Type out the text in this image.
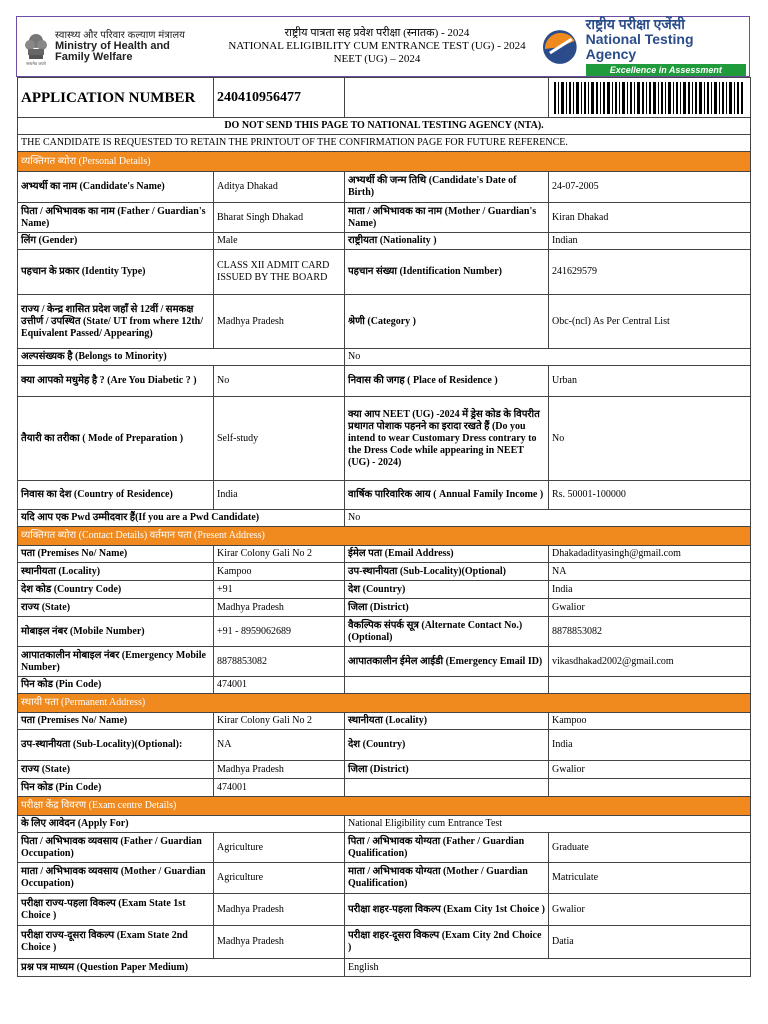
सत्यमेव जयते
स्वास्थ्य और परिवार कल्याण मंत्रालय
Ministry of Health and
Family Welfare
राष्ट्रीय पात्रता सह प्रवेश परीक्षा (स्नातक) - 2024
NATIONAL ELIGIBILITY CUM ENTRANCE TEST (UG) - 2024
NEET (UG) – 2024
राष्ट्रीय परीक्षा एजेंसी
National Testing Agency
Excellence in Assessment
APPLICATION NUMBER	240410956477		

DO NOT SEND THIS PAGE TO NATIONAL TESTING AGENCY (NTA).			
THE CANDIDATE IS REQUESTED TO RETAIN THE PRINTOUT OF THE CONFIRMATION PAGE FOR FUTURE REFERENCE.			
व्यक्तिगत ब्योरा (Personal Details)			
अभ्यर्थी का नाम (Candidate's Name)	Aditya Dhakad	अभ्यर्थी की जन्म तिथि (Candidate's Date of Birth)	24-07-2005
पिता / अभिभावक का नाम (Father / Guardian's Name)	Bharat Singh Dhakad	माता / अभिभावक का नाम (Mother / Guardian's Name)	Kiran Dhakad
लिंग (Gender)	Male	राष्ट्रीयता (Nationality )	Indian
पहचान के प्रकार (Identity Type)	CLASS XII ADMIT CARD ISSUED BY THE BOARD	पहचान संख्या (Identification Number)	241629579
राज्य / केन्द्र शासित प्रदेश जहाँ से 12वीं / समकक्ष उत्तीर्ण / उपस्थित (State/ UT from where 12th/ Equivalent Passed/ Appearing)	Madhya Pradesh	श्रेणी (Category )	Obc-(ncl) As Per Central List
अल्पसंख्यक है (Belongs to Minority)		No	
क्या आपको मधुमेह है ? (Are You Diabetic ? )	No	निवास की जगह ( Place of Residence )	Urban
तैयारी का तरीका ( Mode of Preparation )	Self-study	क्या आप NEET (UG) -2024 में ड्रेस कोड के विपरीत प्रथागत पोशाक पहनने का इरादा रखते हैं (Do you intend to wear Customary Dress contrary to the Dress Code while appearing in NEET (UG) - 2024)	No
निवास का देश (Country of Residence)	India	वार्षिक पारिवारिक आय ( Annual Family Income )	Rs. 50001-100000
यदि आप एक Pwd उम्मीदवार हैं(If you are a Pwd Candidate)		No	
व्यक्तिगत ब्योरा (Contact Details) वर्तमान पता (Present Address)			
पता (Premises No/ Name)	Kirar Colony Gali No 2	ईमेल पता (Email Address)	Dhakadadityasingh@gmail.com
स्थानीयता (Locality)	Kampoo	उप-स्थानीयता (Sub-Locality)(Optional)	NA
देश कोड (Country Code)	+91	देश (Country)	India
राज्य (State)	Madhya Pradesh	जिला (District)	Gwalior
मोबाइल नंबर (Mobile Number)	+91 - 8959062689	वैकल्पिक संपर्क सूत्र (Alternate Contact No.) (Optional)	8878853082
आपातकालीन मोबाइल नंबर (Emergency Mobile Number)	8878853082	आपातकालीन ईमेल आईडी (Emergency Email ID)	vikasdhakad2002@gmail.com
पिन कोड (Pin Code)	474001		
स्थायी पता (Permanent Address)			
पता (Premises No/ Name)	Kirar Colony Gali No 2	स्थानीयता (Locality)	Kampoo
उप-स्थानीयता (Sub-Locality)(Optional):	NA	देश (Country)	India
राज्य (State)	Madhya Pradesh	जिला (District)	Gwalior
पिन कोड (Pin Code)	474001		
परीक्षा केंद्र विवरण (Exam centre Details)			
के लिए आवेदन (Apply For)		National Eligibility cum Entrance Test	
पिता / अभिभावक व्यवसाय (Father / Guardian Occupation)	Agriculture	पिता / अभिभावक योग्यता (Father / Guardian Qualification)	Graduate
माता / अभिभावक व्यवसाय (Mother / Guardian Occupation)	Agriculture	माता / अभिभावक योग्यता (Mother / Guardian Qualification)	Matriculate
परीक्षा राज्य-पहला विकल्प (Exam State 1st Choice )	Madhya Pradesh	परीक्षा शहर-पहला विकल्प (Exam City 1st Choice )	Gwalior
परीक्षा राज्य-दूसरा विकल्प (Exam State 2nd Choice )	Madhya Pradesh	परीक्षा शहर-दूसरा विकल्प (Exam City 2nd Choice )	Datia
प्रश्न पत्र माध्यम (Question Paper Medium)		English	
